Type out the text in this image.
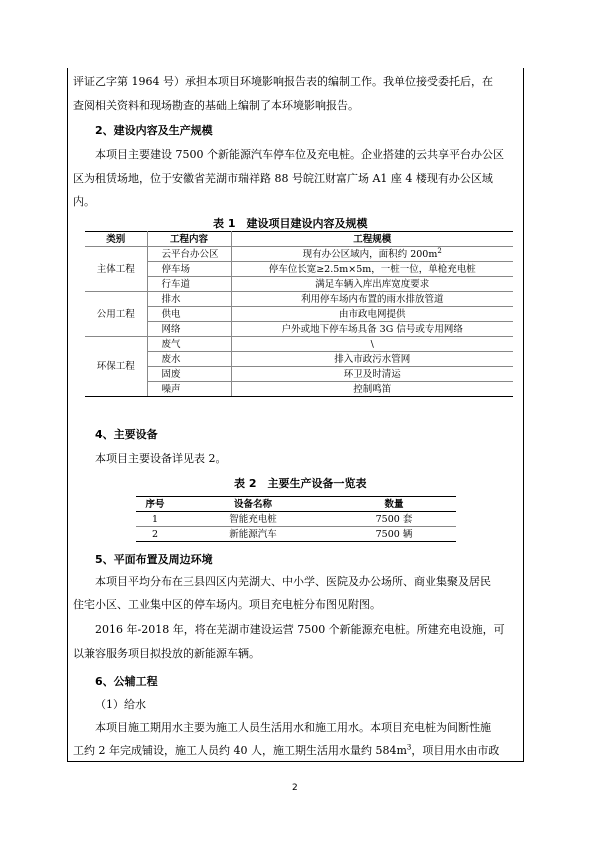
评证乙字第 1964 号）承担本项目环境影响报告表的编制工作。我单位接受委托后，在
查阅相关资料和现场勘查的基础上编制了本环境影响报告。
2、建设内容及生产规模
本项目主要建设 7500 个新能源汽车停车位及充电桩。企业搭建的云共享平台办公区
区为租赁场地，位于安徽省芜湖市瑞祥路 88 号皖江财富广场 A1 座 4 楼现有办公区域
内。
表 1　建设项目建设内容及规模
类别	工程内容	工程规模
主体工程	云平台办公区	现有办公区域内，面积约 $200m^2$
	停车场	停车位长宽≥2.5m×5m，一桩一位，单枪充电桩
	行车道	满足车辆入库出库宽度要求
公用工程	排水	利用停车场内布置的雨水排放管道
	供电	由市政电网提供
	网络	户外或地下停车场具备 3G 信号或专用网络
环保工程	废气	\
	废水	排入市政污水管网
	固废	环卫及时清运
	噪声	控制鸣笛
4、主要设备
本项目主要设备详见表 2。
表 2　主要生产设备一览表
序号	设备名称	数量
1	智能充电桩	7500 套
2	新能源汽车	7500 辆
5、平面布置及周边环境
本项目平均分布在三县四区内芜湖大、中小学、医院及办公场所、商业集聚及居民
住宅小区、工业集中区的停车场内。项目充电桩分布图见附图。
2016 年-2018 年，将在芜湖市建设运营 7500 个新能源充电桩。所建充电设施，可
以兼容服务项目拟投放的新能源车辆。
6、公辅工程
（1）给水
本项目施工期用水主要为施工人员生活用水和施工用水。本项目充电桩为间断性施
工约 2 年完成铺设，施工人员约 40 人，施工期生活用水量约 $584m^3$，项目用水由市政
2
